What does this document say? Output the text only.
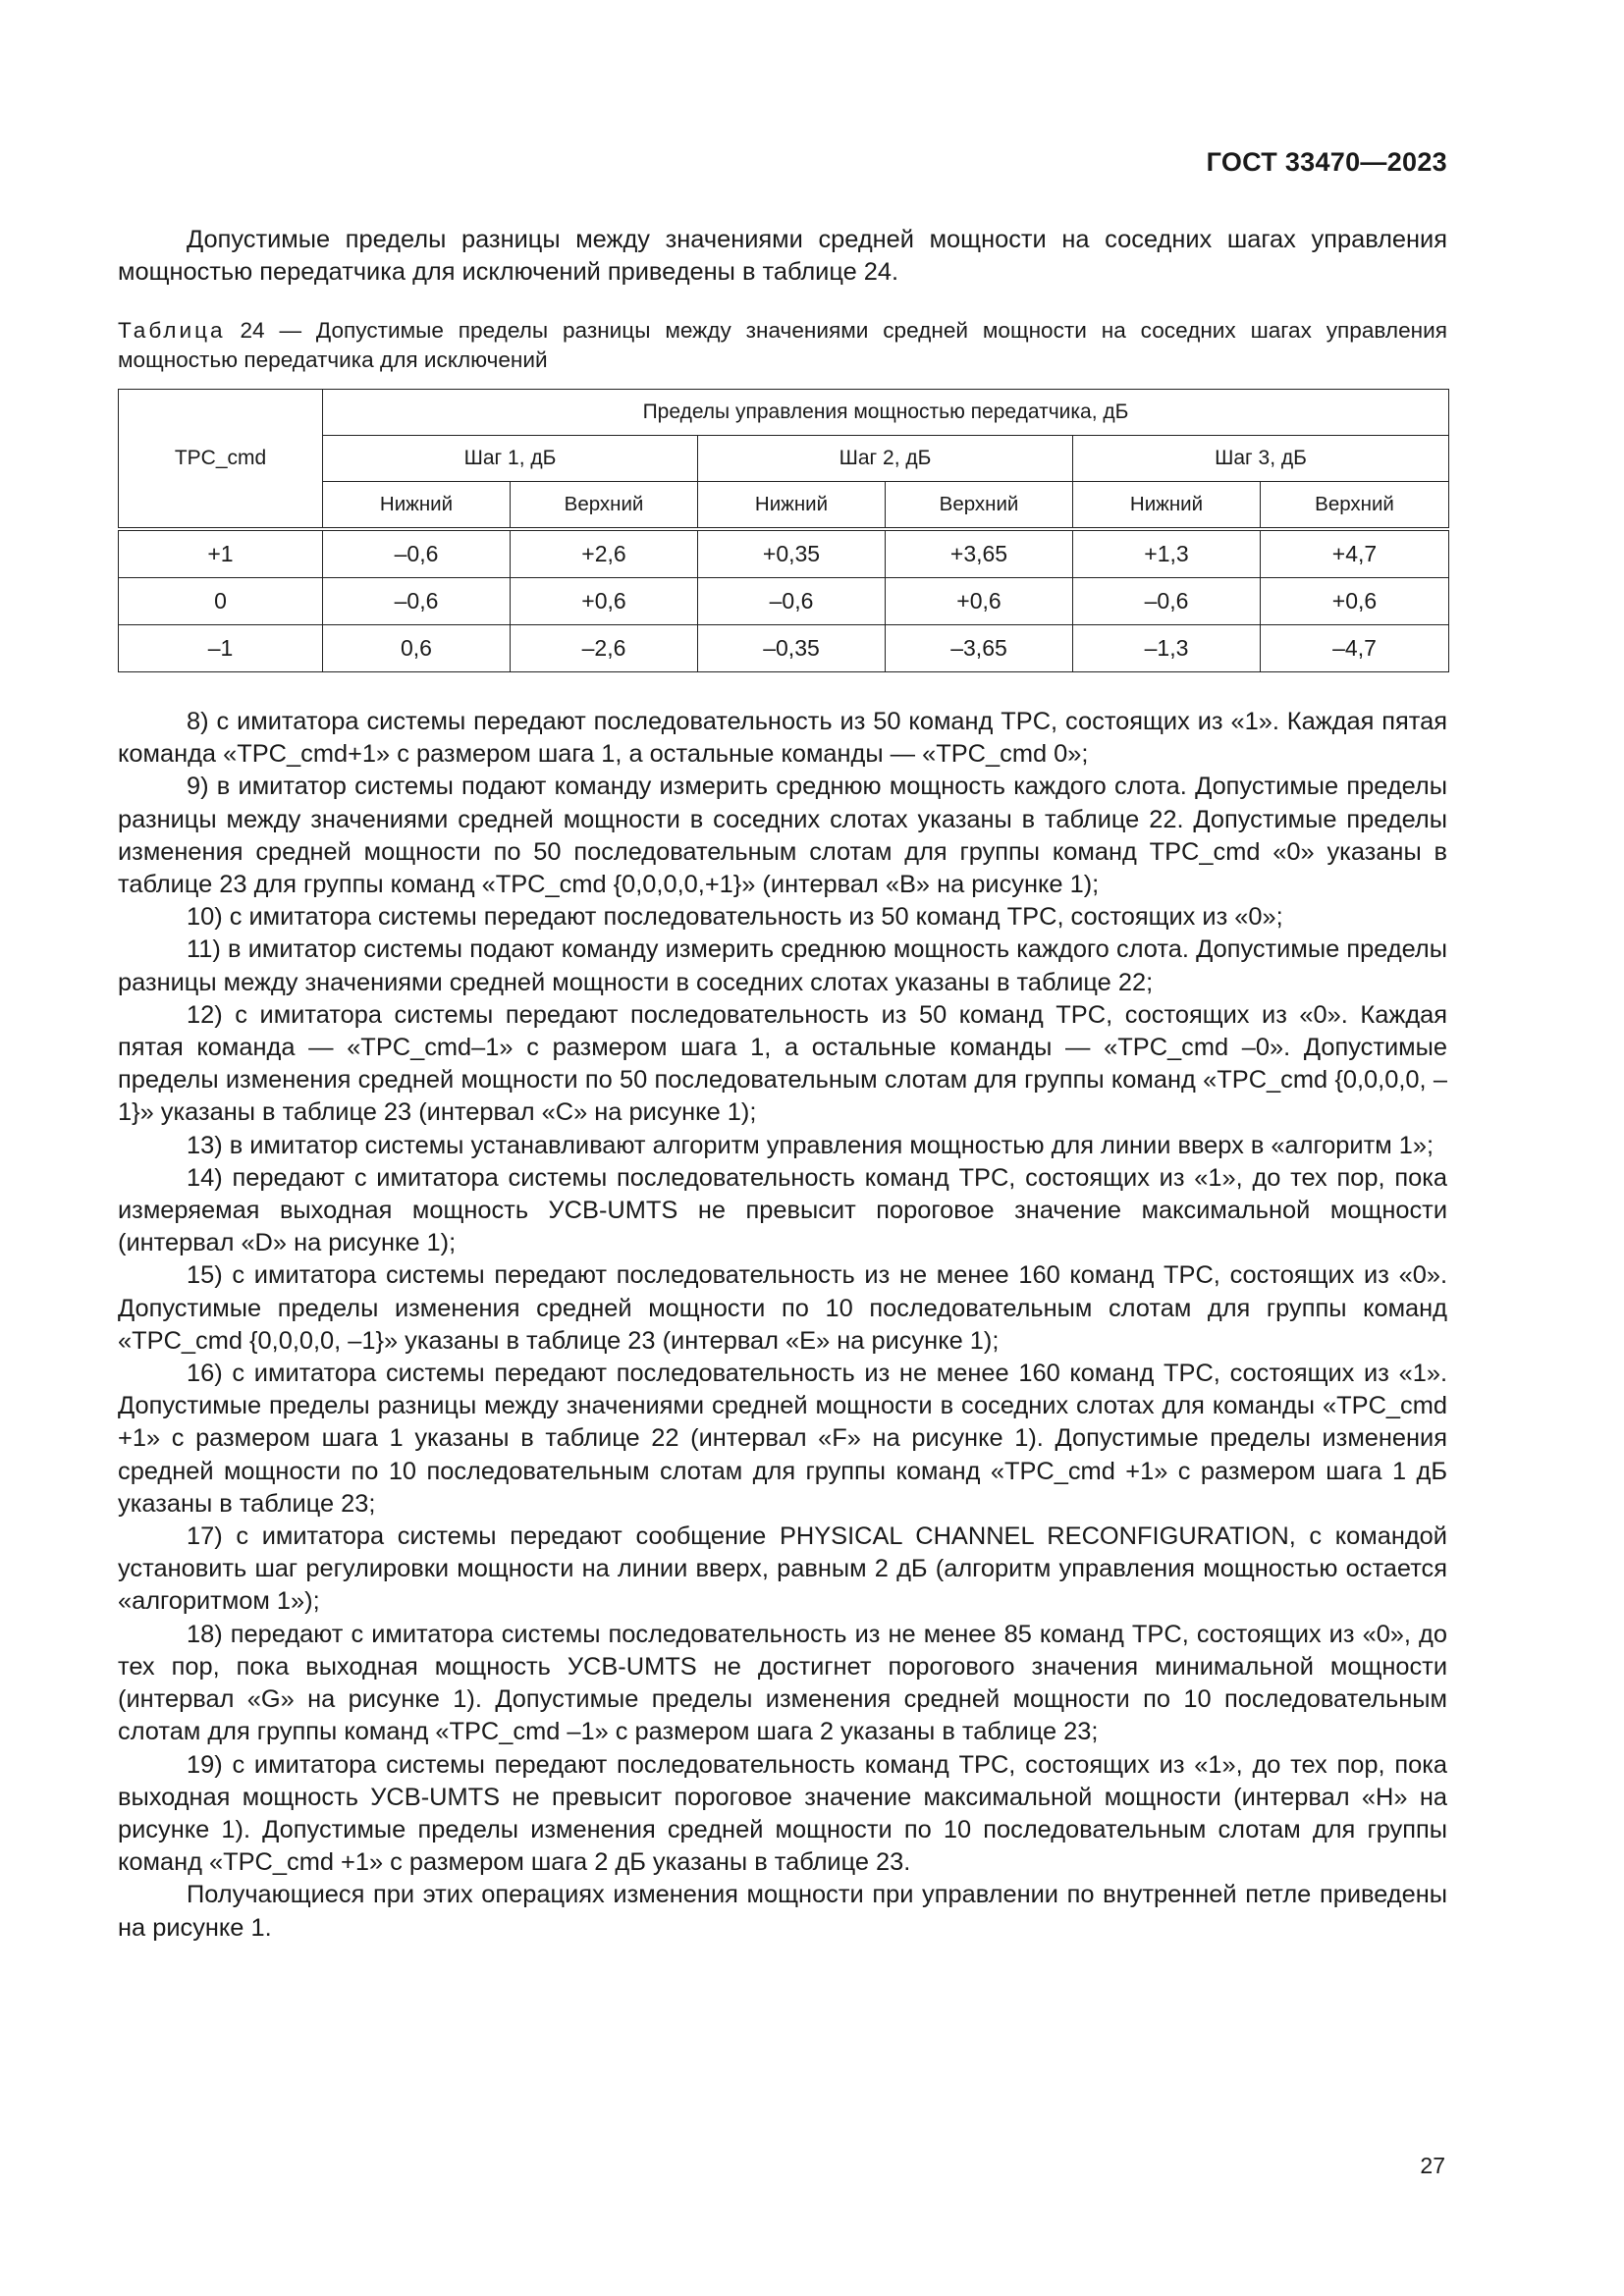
ГОСТ 33470—2023

Допустимые пределы разницы между значениями средней мощности на соседних шагах управления мощностью передатчика для исключений приведены в таблице 24.

Таблица 24 — Допустимые пределы разницы между значениями средней мощности на соседних шагах управления мощностью передатчика для исключений

TPC_cmd	Пределы управления мощностью передатчика, дБ					
	Шаг 1, дБ		Шаг 2, дБ		Шаг 3, дБ	
	Нижний	Верхний	Нижний	Верхний	Нижний	Верхний
+1	–0,6	+2,6	+0,35	+3,65	+1,3	+4,7
0	–0,6	+0,6	–0,6	+0,6	–0,6	+0,6
–1	0,6	–2,6	–0,35	–3,65	–1,3	–4,7

8) с имитатора системы передают последовательность из 50 команд TPC, состоящих из «1». Каждая пятая команда «TPC_cmd+1» с размером шага 1, а остальные команды — «TPC_cmd 0»;

9) в имитатор системы подают команду измерить среднюю мощность каждого слота. Допустимые пределы разницы между значениями средней мощности в соседних слотах указаны в таблице 22. Допустимые пределы изменения средней мощности по 50 последовательным слотам для группы команд TPC_cmd «0» указаны в таблице 23 для группы команд «TPC_cmd {0,0,0,0,+1}» (интервал «B» на рисунке 1);

10) с имитатора системы передают последовательность из 50 команд TPC, состоящих из «0»;

11) в имитатор системы подают команду измерить среднюю мощность каждого слота. Допустимые пределы разницы между значениями средней мощности в соседних слотах указаны в таблице 22;

12) с имитатора системы передают последовательность из 50 команд TPC, состоящих из «0». Каждая пятая команда — «TPC_cmd–1» с размером шага 1, а остальные команды — «TPC_cmd –0». Допустимые пределы изменения средней мощности по 50 последовательным слотам для группы команд «TPC_cmd {0,0,0,0, –1}» указаны в таблице 23 (интервал «C» на рисунке 1);

13) в имитатор системы устанавливают алгоритм управления мощностью для линии вверх в «алгоритм 1»;

14) передают с имитатора системы последовательность команд TPC, состоящих из «1», до тех пор, пока измеряемая выходная мощность УСВ-UMTS не превысит пороговое значение максимальной мощности (интервал «D» на рисунке 1);

15) с имитатора системы передают последовательность из не менее 160 команд TPC, состоящих из «0». Допустимые пределы изменения средней мощности по 10 последовательным слотам для группы команд «TPC_cmd {0,0,0,0, –1}» указаны в таблице 23 (интервал «E» на рисунке 1);

16) с имитатора системы передают последовательность из не менее 160 команд TPC, состоящих из «1». Допустимые пределы разницы между значениями средней мощности в соседних слотах для команды «TPC_cmd +1» с размером шага 1 указаны в таблице 22 (интервал «F» на рисунке 1). Допустимые пределы изменения средней мощности по 10 последовательным слотам для группы команд «TPC_cmd +1» с размером шага 1 дБ указаны в таблице 23;

17) с имитатора системы передают сообщение PHYSICAL CHANNEL RECONFIGURATION, с командой установить шаг регулировки мощности на линии вверх, равным 2 дБ (алгоритм управления мощностью остается «алгоритмом 1»);

18) передают с имитатора системы последовательность из не менее 85 команд TPC, состоящих из «0», до тех пор, пока выходная мощность УСВ-UMTS не достигнет порогового значения минимальной мощности (интервал «G» на рисунке 1). Допустимые пределы изменения средней мощности по 10 последовательным слотам для группы команд «TPC_cmd –1» с размером шага 2 указаны в таблице 23;

19) с имитатора системы передают последовательность команд TPC, состоящих из «1», до тех пор, пока выходная мощность УСВ-UMTS не превысит пороговое значение максимальной мощности (интервал «H» на рисунке 1). Допустимые пределы изменения средней мощности по 10 последовательным слотам для группы команд «TPC_cmd +1» с размером шага 2 дБ указаны в таблице 23.

Получающиеся при этих операциях изменения мощности при управлении по внутренней петле приведены на рисунке 1.

27
